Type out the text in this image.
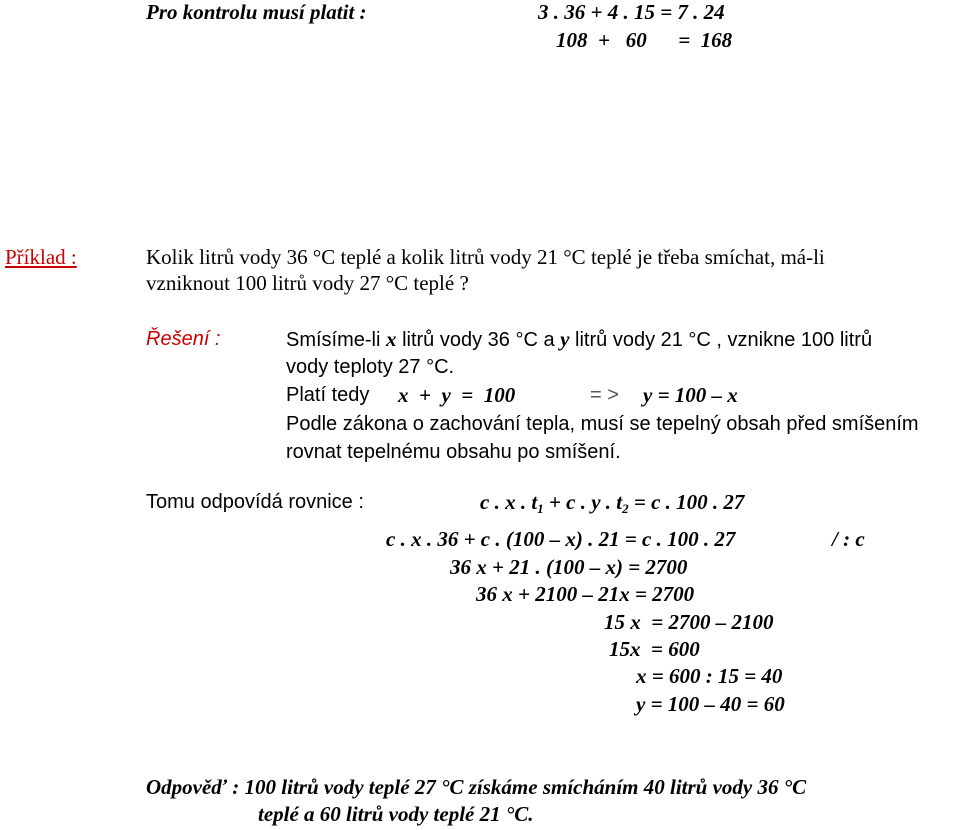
Pro kontrolu musí platit :	3 . 36 + 4 . 15 = 7 . 24
108  +   60      =  168
Příklad :	Kolik litrů vody 36 °C teplé a kolik litrů vody 21 °C teplé je třeba smíchat, má-li
vzniknout 100 litrů vody 27 °C teplé ?
Řešení :	Smísíme-li x litrů vody 36 °C a y litrů vody 21 °C , vznikne 100 litrů
vody teploty 27 °C.
Platí tedy x  +  y  =  100	= > y = 100 – x
Podle zákona o zachování tepla, musí se tepelný obsah před smíšením
rovnat tepelnému obsahu po smíšení.
Tomu odpovídá rovnice :	c . x . $t_1 + c$ . y . $t_2 = c$ . 100 . 27
c . x . 36 + c . (100 – x) . 21 = c . 100 . 27	/ : c
36 x + 21 . (100 – x) = 2700
36 x + 2100 – 21x = 2700
15 x  = 2700 – 2100
15x  = 600
x = 600 : 15 = 40
y = 100 – 40 = 60
Odpověď : 100 litrů vody teplé 27 °C získáme smícháním 40 litrů vody 36 °C
teplé a 60 litrů vody teplé 21 °C.
